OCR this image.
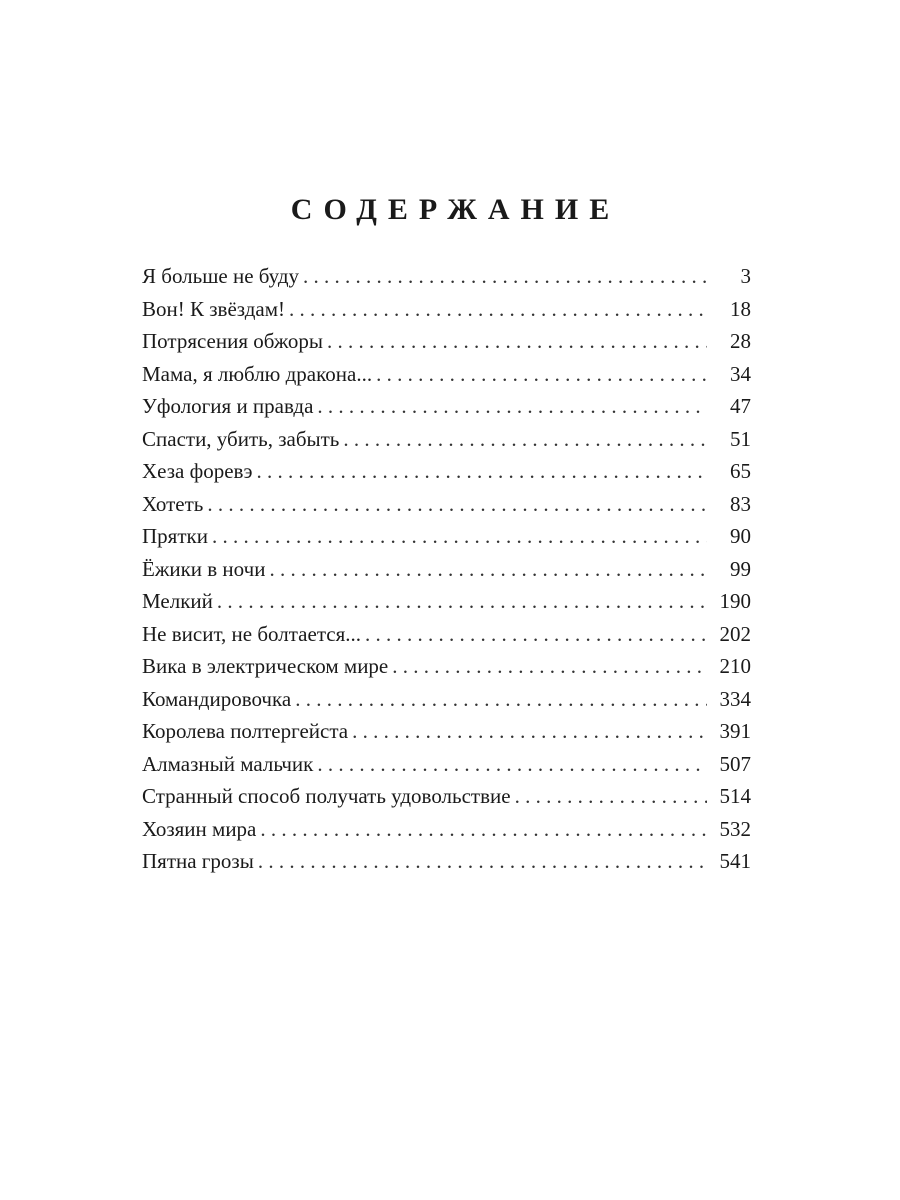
СОДЕРЖАНИЕ
Я больше не буду . . .	3
Вон! К звёздам! . . .	18
Потрясения обжоры . . .	28
Мама, я люблю дракона... . . .	34
Уфология и правда . . .	47
Спасти, убить, забыть . . .	51
Хеза форевэ . . .	65
Хотеть . . .	83
Прятки . . .	90
Ёжики в ночи . . .	99
Мелкий . . .	190
Не висит, не болтается... . . .	202
Вика в электрическом мире . . .	210
Командировочка . . .	334
Королева полтергейста . . .	391
Алмазный мальчик . . .	507
Странный способ получать удовольствие . . .	514
Хозяин мира . . .	532
Пятна грозы . . .	541
